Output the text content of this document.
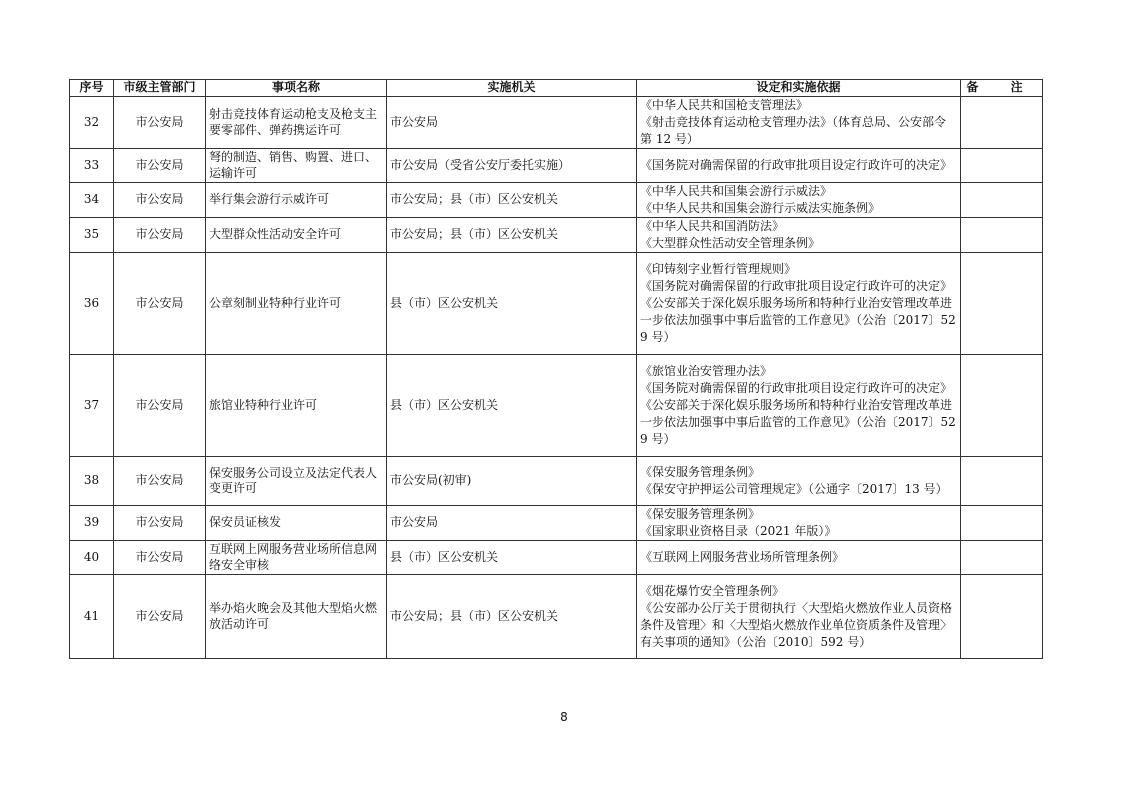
序号	市级主管部门	事项名称	实施机关	设定和实施依据	备 注
32	市公安局	射击竞技体育运动枪支及枪支主要零部件、弹药携运许可	市公安局	《中华人民共和国枪支管理法》
《射击竞技体育运动枪支管理办法》（体育总局、公安部令第 12 号）	

33	市公安局	弩的制造、销售、购置、进口、运输许可	市公安局（受省公安厅委托实施）	《国务院对确需保留的行政审批项目设定行政许可的决定》	

34	市公安局	举行集会游行示威许可	市公安局；县（市）区公安机关	《中华人民共和国集会游行示威法》
《中华人民共和国集会游行示威法实施条例》	

35	市公安局	大型群众性活动安全许可	市公安局；县（市）区公安机关	《中华人民共和国消防法》
《大型群众性活动安全管理条例》	

36	市公安局	公章刻制业特种行业许可	县（市）区公安机关	《印铸刻字业暂行管理规则》
《国务院对确需保留的行政审批项目设定行政许可的决定》
《公安部关于深化娱乐服务场所和特种行业治安管理改革进一步依法加强事中事后监管的工作意见》（公治〔2017〕529 号）	

37	市公安局	旅馆业特种行业许可	县（市）区公安机关	《旅馆业治安管理办法》
《国务院对确需保留的行政审批项目设定行政许可的决定》
《公安部关于深化娱乐服务场所和特种行业治安管理改革进一步依法加强事中事后监管的工作意见》（公治〔2017〕529 号）	

38	市公安局	保安服务公司设立及法定代表人变更许可	市公安局(初审)	《保安服务管理条例》
《保安守护押运公司管理规定》（公通字〔2017〕13 号）	

39	市公安局	保安员证核发	市公安局	《保安服务管理条例》
《国家职业资格目录（2021 年版）》	

40	市公安局	互联网上网服务营业场所信息网络安全审核	县（市）区公安机关	《互联网上网服务营业场所管理条例》	

41	市公安局	举办焰火晚会及其他大型焰火燃放活动许可	市公安局；县（市）区公安机关	《烟花爆竹安全管理条例》
《公安部办公厅关于贯彻执行〈大型焰火燃放作业人员资格条件及管理〉和〈大型焰火燃放作业单位资质条件及管理〉有关事项的通知》（公治〔2010〕592 号）	

8
